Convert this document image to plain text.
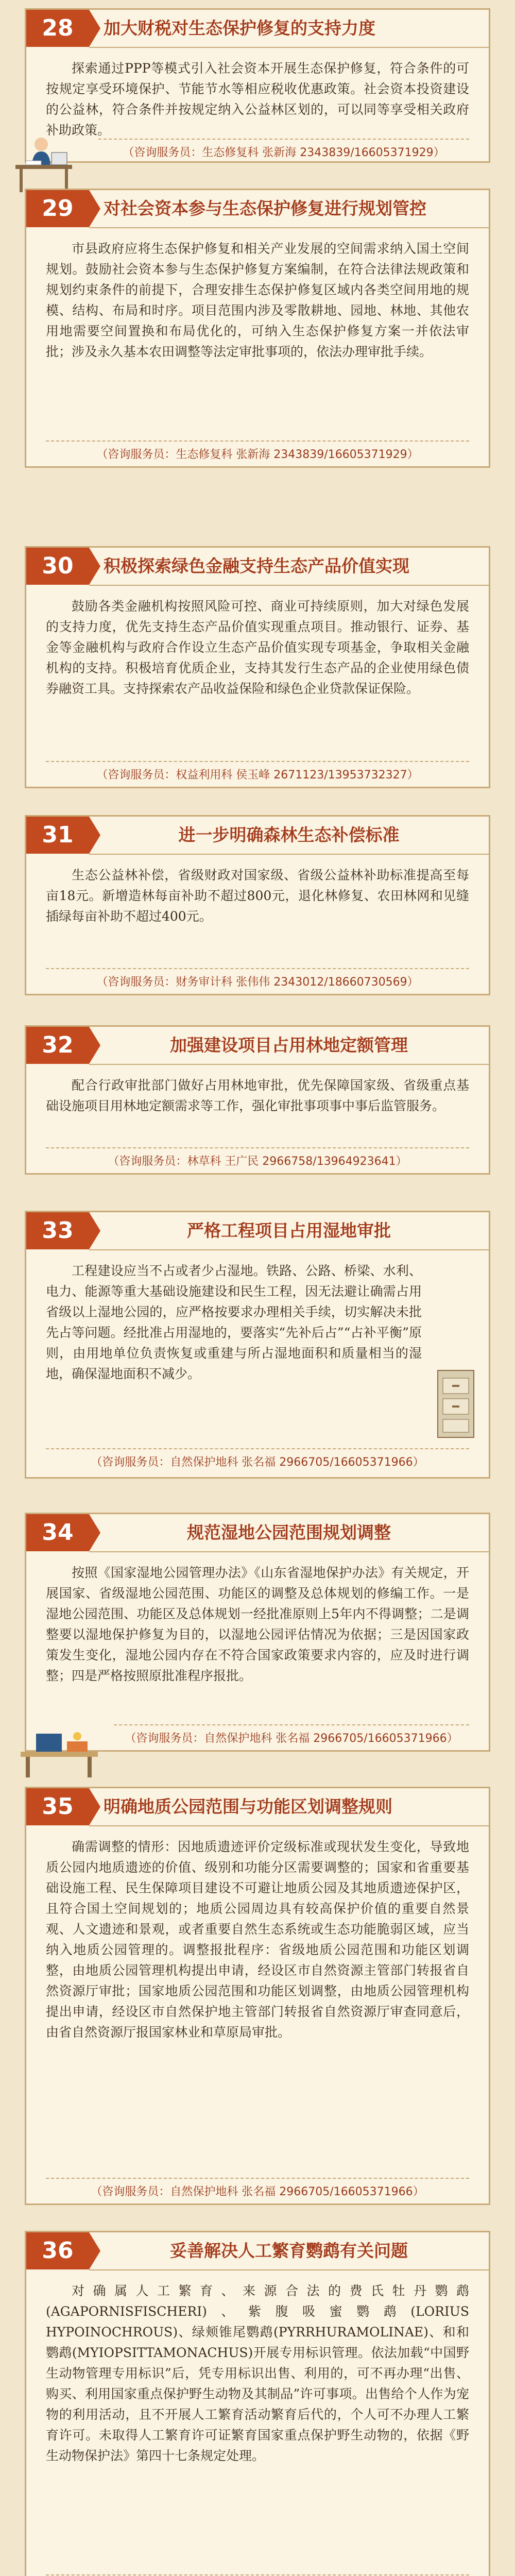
28	加大财税对生态保护修复的支持力度

探索通过PPP等模式引入社会资本开展生态保护修复，符合条件的可按规定享受环境保护、节能节水等相应税收优惠政策。社会资本投资建设的公益林，符合条件并按规定纳入公益林区划的，可以同等享受相关政府补助政策。

（咨询服务员：生态修复科 张新海 2343839/16605371929）
29	对社会资本参与生态保护修复进行规划管控

市县政府应将生态保护修复和相关产业发展的空间需求纳入国土空间规划。鼓励社会资本参与生态保护修复方案编制，在符合法律法规政策和规划约束条件的前提下，合理安排生态保护修复区域内各类空间用地的规模、结构、布局和时序。项目范围内涉及零散耕地、园地、林地、其他农用地需要空间置换和布局优化的，可纳入生态保护修复方案一并依法审批；涉及永久基本农田调整等法定审批事项的，依法办理审批手续。

（咨询服务员：生态修复科 张新海 2343839/16605371929）
30	积极探索绿色金融支持生态产品价值实现

鼓励各类金融机构按照风险可控、商业可持续原则，加大对绿色发展的支持力度，优先支持生态产品价值实现重点项目。推动银行、证券、基金等金融机构与政府合作设立生态产品价值实现专项基金，争取相关金融机构的支持。积极培育优质企业，支持其发行生态产品的企业使用绿色债券融资工具。支持探索农产品收益保险和绿色企业贷款保证保险。

（咨询服务员：权益利用科 侯玉峰 2671123/13953732327）
31	进一步明确森林生态补偿标准

生态公益林补偿，省级财政对国家级、省级公益林补助标准提高至每亩18元。新增造林每亩补助不超过800元，退化林修复、农田林网和见缝插绿每亩补助不超过400元。

（咨询服务员：财务审计科 张伟伟 2343012/18660730569）
32	加强建设项目占用林地定额管理

配合行政审批部门做好占用林地审批，优先保障国家级、省级重点基础设施项目用林地定额需求等工作，强化审批事项事中事后监管服务。

（咨询服务员：林草科 王广民 2966758/13964923641）
33	严格工程项目占用湿地审批

工程建设应当不占或者少占湿地。铁路、公路、桥梁、水利、电力、能源等重大基础设施建设和民生工程，因无法避让确需占用省级以上湿地公园的，应严格按要求办理相关手续，切实解决未批先占等问题。经批准占用湿地的，要落实“先补后占”“占补平衡”原则，由用地单位负责恢复或重建与所占湿地面积和质量相当的湿地，确保湿地面积不减少。

（咨询服务员：自然保护地科 张名福 2966705/16605371966）
34	规范湿地公园范围规划调整

按照《国家湿地公园管理办法》《山东省湿地保护办法》有关规定，开展国家、省级湿地公园范围、功能区的调整及总体规划的修编工作。一是湿地公园范围、功能区及总体规划一经批准原则上5年内不得调整；二是调整要以湿地保护修复为目的，以湿地公园评估情况为依据；三是因国家政策发生变化，湿地公园内存在不符合国家政策要求内容的，应及时进行调整；四是严格按照原批准程序报批。

（咨询服务员：自然保护地科 张名福 2966705/16605371966）
35	明确地质公园范围与功能区划调整规则

确需调整的情形：因地质遗迹评价定级标准或现状发生变化，导致地质公园内地质遗迹的价值、级别和功能分区需要调整的；国家和省重要基础设施工程、民生保障项目建设不可避让地质公园及其地质遗迹保护区，且符合国土空间规划的；地质公园周边具有较高保护价值的重要自然景观、人文遗迹和景观，或者重要自然生态系统或生态功能脆弱区域，应当纳入地质公园管理的。调整报批程序：省级地质公园范围和功能区划调整，由地质公园管理机构提出申请，经设区市自然资源主管部门转报省自然资源厅审批；国家地质公园范围和功能区划调整，由地质公园管理机构提出申请，经设区市自然保护地主管部门转报省自然资源厅审查同意后，由省自然资源厅报国家林业和草原局审批。

（咨询服务员：自然保护地科 张名福 2966705/16605371966）
36	妥善解决人工繁育鹦鹉有关问题

对确属人工繁育、来源合法的费氏牡丹鹦鹉(AGAPORNISFISCHERI)、紫腹吸蜜鹦鹉(LORIUS HYPOINOCHROUS)、绿颊锥尾鹦鹉(PYRRHURAMOLINAE)、和和鹦鹉(MYIOPSITTAMONACHUS)开展专用标识管理。依法加载“中国野生动物管理专用标识”后，凭专用标识出售、利用的，可不再办理“出售、购买、利用国家重点保护野生动物及其制品”许可事项。出售给个人作为宠物的利用活动，且不开展人工繁育活动繁育后代的，个人可不办理人工繁育许可。未取得人工繁育许可证繁育国家重点保护野生动物的，依据《野生动物保护法》第四十七条规定处理。
